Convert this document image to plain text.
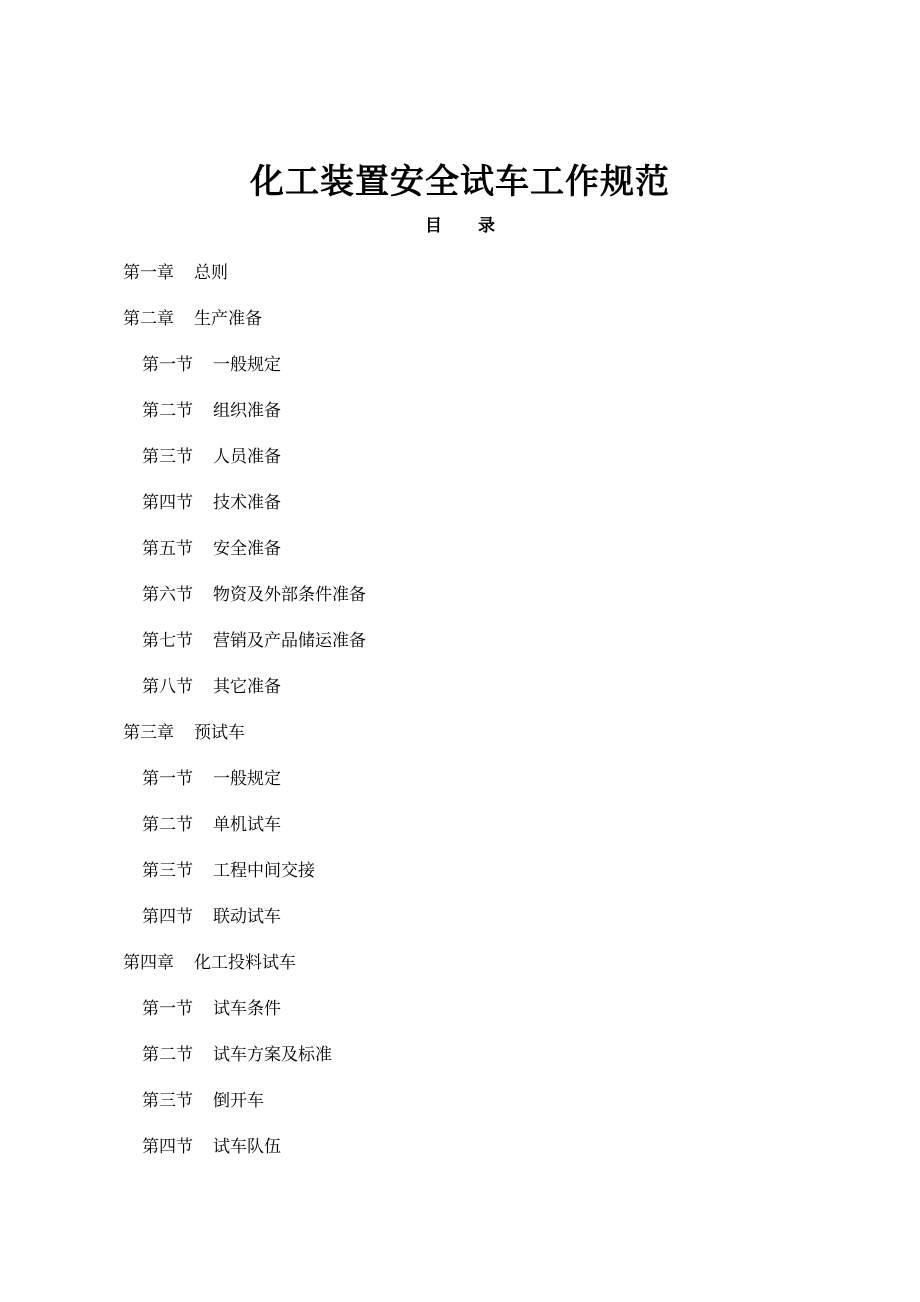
化工装置安全试车工作规范
目 录
第一章 总则
第二章 生产准备
第一节 一般规定
第二节 组织准备
第三节 人员准备
第四节 技术准备
第五节 安全准备
第六节 物资及外部条件准备
第七节 营销及产品储运准备
第八节 其它准备
第三章 预试车
第一节 一般规定
第二节 单机试车
第三节 工程中间交接
第四节 联动试车
第四章 化工投料试车
第一节 试车条件
第二节 试车方案及标准
第三节 倒开车
第四节 试车队伍
